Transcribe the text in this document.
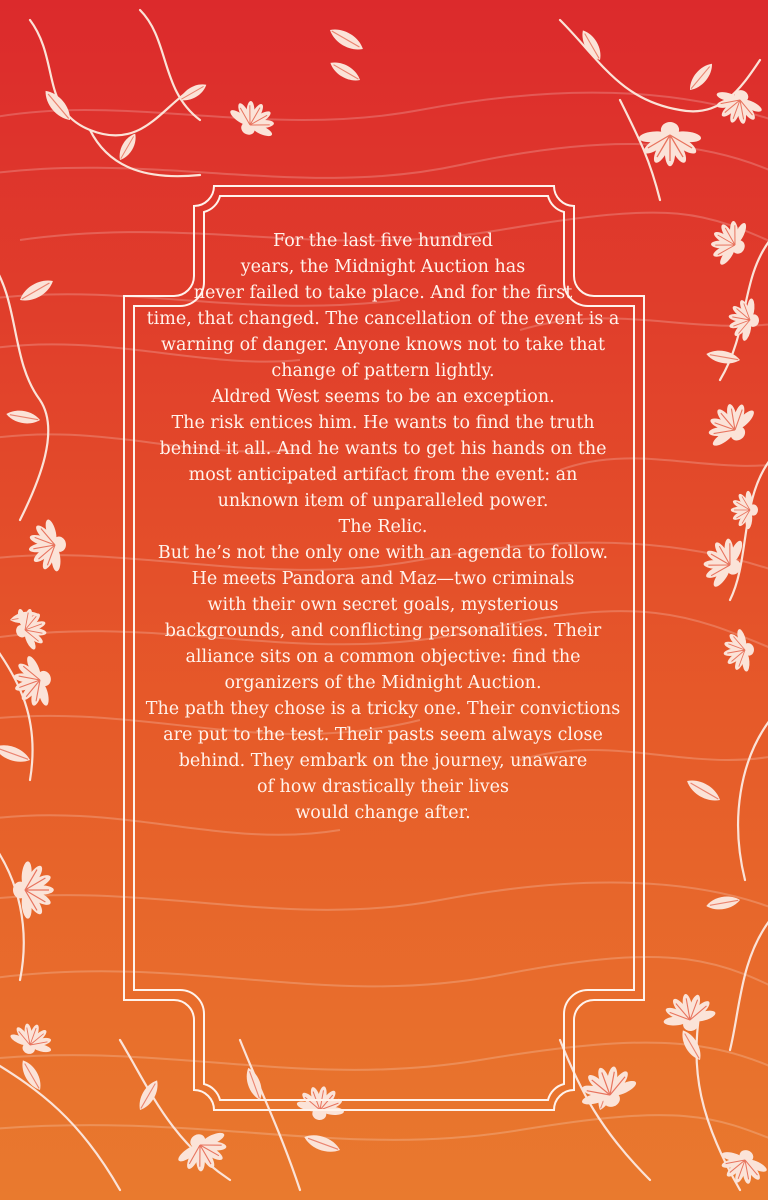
For the last five hundred

years, the Midnight Auction has

never failed to take place. And for the first

time, that changed. The cancellation of the event is a

warning of danger. Anyone knows not to take that

change of pattern lightly.

Aldred West seems to be an exception.

The risk entices him. He wants to find the truth

behind it all. And he wants to get his hands on the

most anticipated artifact from the event: an

unknown item of unparalleled power.

The Relic.

But he’s not the only one with an agenda to follow.

He meets Pandora and Maz—two criminals

with their own secret goals, mysterious

backgrounds, and conflicting personalities. Their

alliance sits on a common objective: find the

organizers of the Midnight Auction.

The path they chose is a tricky one. Their convictions

are put to the test. Their pasts seem always close

behind. They embark on the journey, unaware

of how drastically their lives

would change after.
